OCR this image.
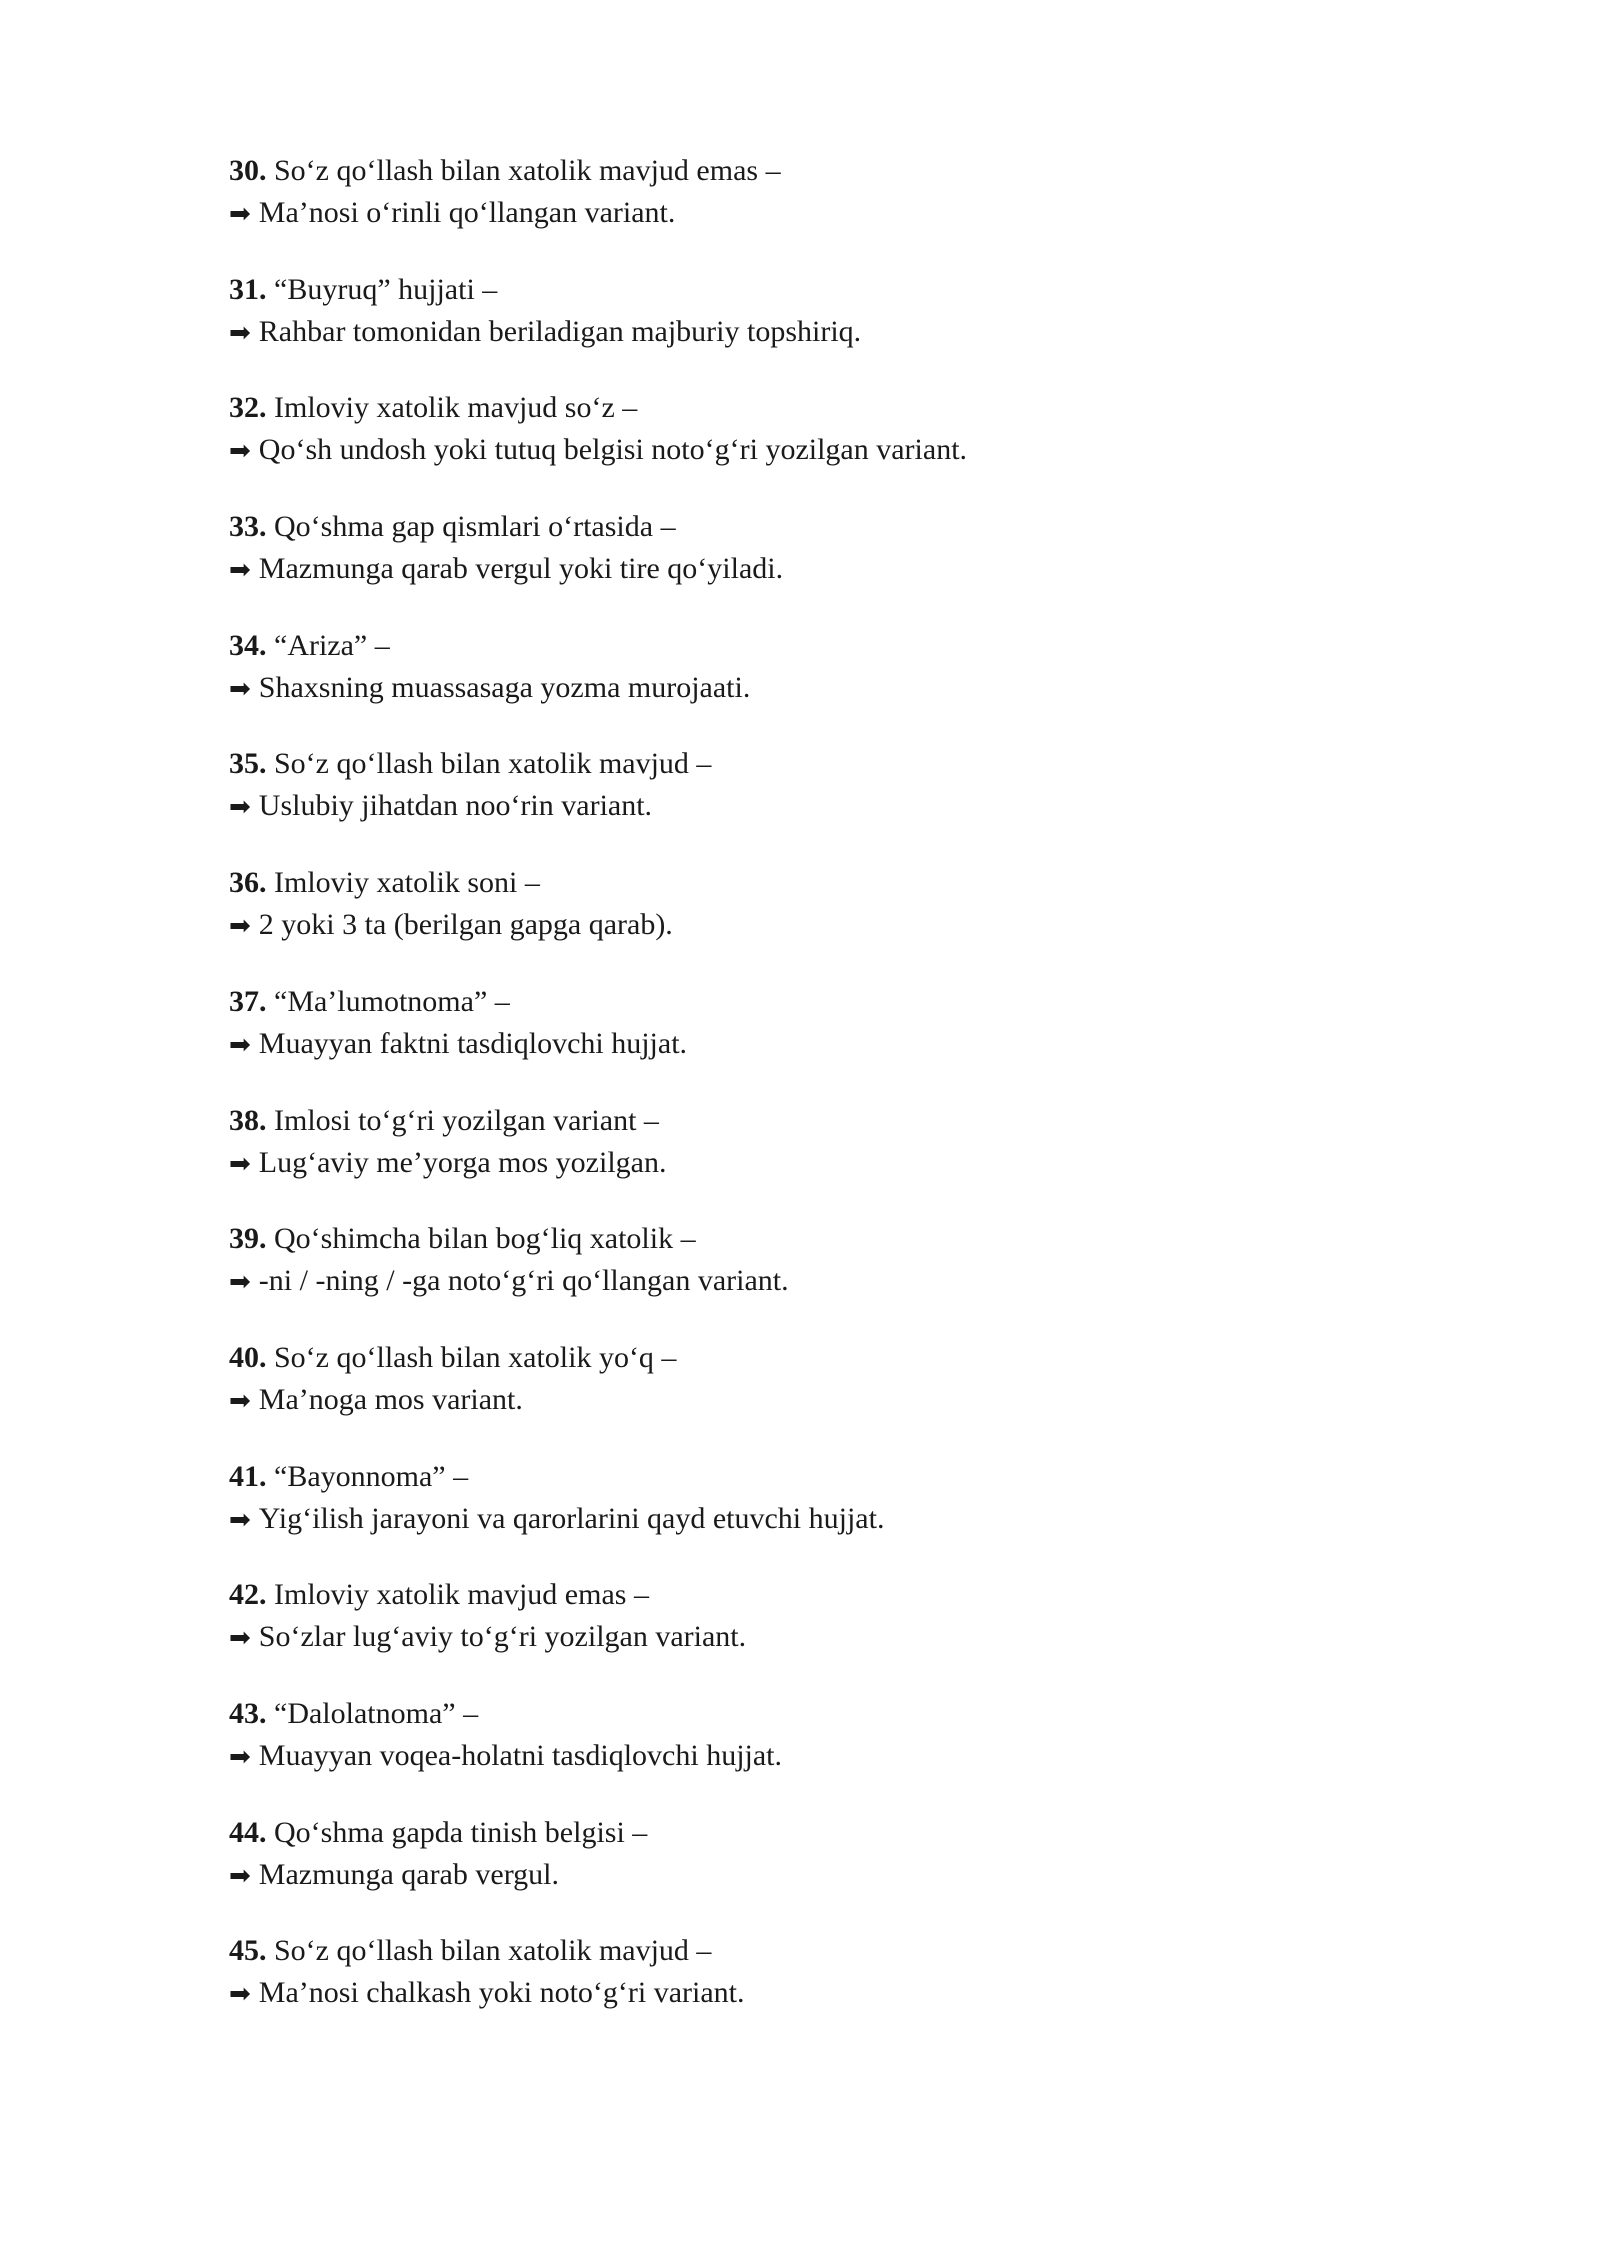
30. So‘z qo‘llash bilan xatolik mavjud emas –
➡ Ma’nosi o‘rinli qo‘llangan variant.
31. “Buyruq” hujjati –
➡ Rahbar tomonidan beriladigan majburiy topshiriq.
32. Imloviy xatolik mavjud so‘z –
➡ Qo‘sh undosh yoki tutuq belgisi noto‘g‘ri yozilgan variant.
33. Qo‘shma gap qismlari o‘rtasida –
➡ Mazmunga qarab vergul yoki tire qo‘yiladi.
34. “Ariza” –
➡ Shaxsning muassasaga yozma murojaati.
35. So‘z qo‘llash bilan xatolik mavjud –
➡ Uslubiy jihatdan noo‘rin variant.
36. Imloviy xatolik soni –
➡ 2 yoki 3 ta (berilgan gapga qarab).
37. “Ma’lumotnoma” –
➡ Muayyan faktni tasdiqlovchi hujjat.
38. Imlosi to‘g‘ri yozilgan variant –
➡ Lug‘aviy me’yorga mos yozilgan.
39. Qo‘shimcha bilan bog‘liq xatolik –
➡ -ni / -ning / -ga noto‘g‘ri qo‘llangan variant.
40. So‘z qo‘llash bilan xatolik yo‘q –
➡ Ma’noga mos variant.
41. “Bayonnoma” –
➡ Yig‘ilish jarayoni va qarorlarini qayd etuvchi hujjat.
42. Imloviy xatolik mavjud emas –
➡ So‘zlar lug‘aviy to‘g‘ri yozilgan variant.
43. “Dalolatnoma” –
➡ Muayyan voqea-holatni tasdiqlovchi hujjat.
44. Qo‘shma gapda tinish belgisi –
➡ Mazmunga qarab vergul.
45. So‘z qo‘llash bilan xatolik mavjud –
➡ Ma’nosi chalkash yoki noto‘g‘ri variant.
